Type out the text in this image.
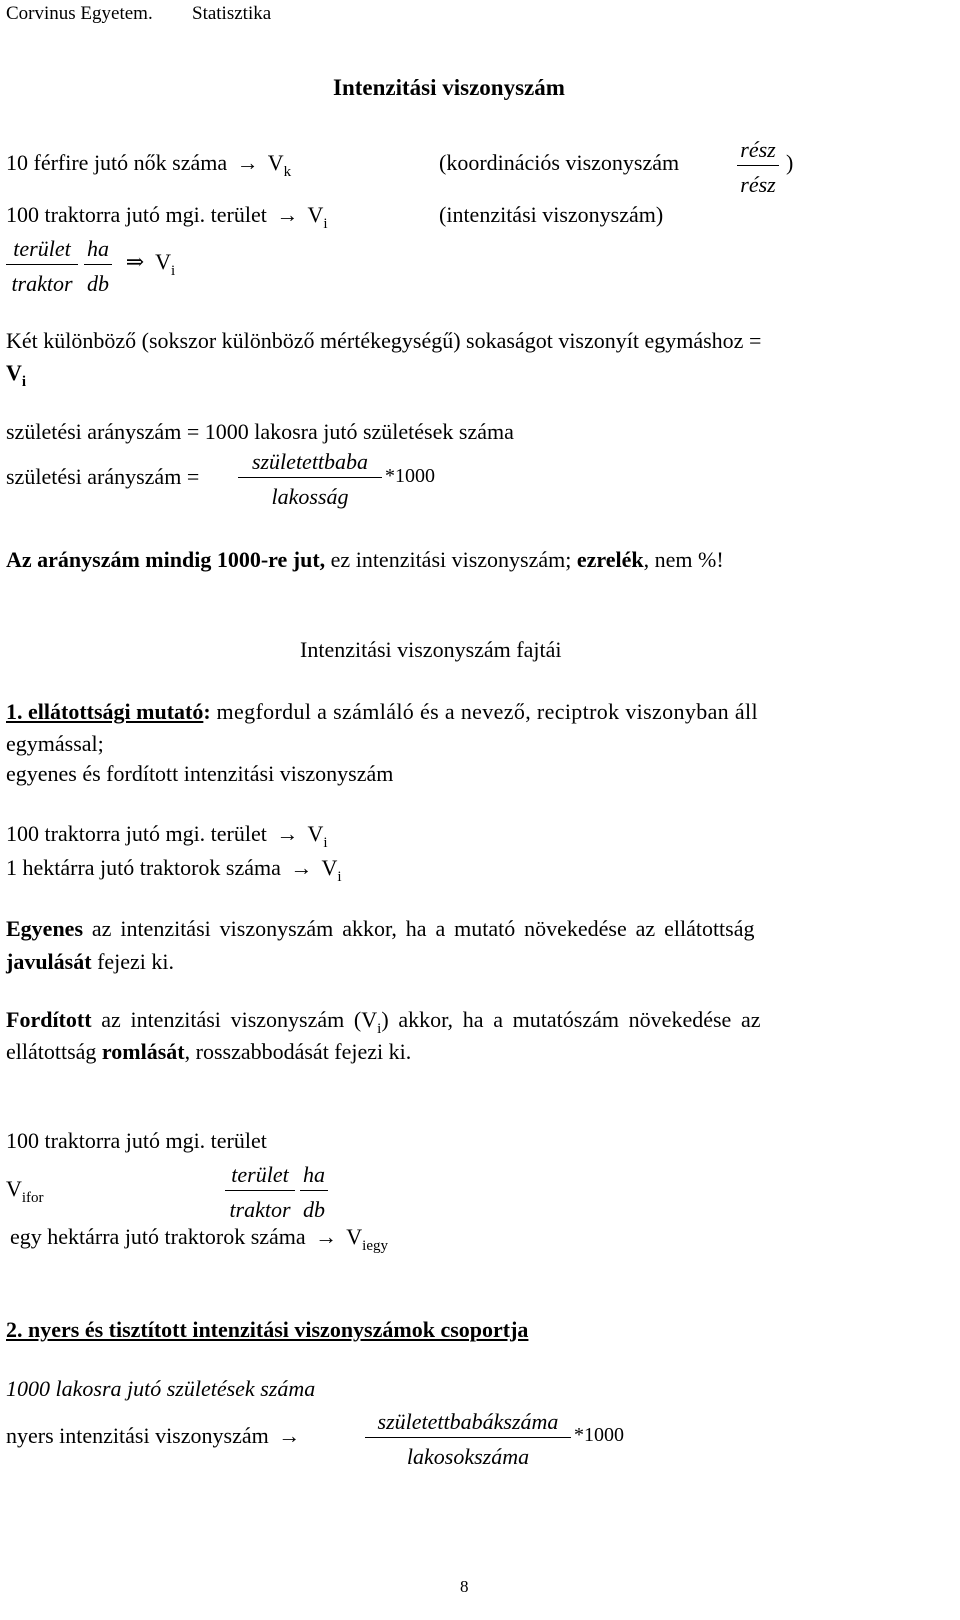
Corvinus Egyetem. Statisztika
Intenzitási viszonyszám
10 férfire jutó nők száma → $V_k$	(koordinációs viszonyszám
rész
rész
)
100 traktorra jutó mgi. terület → $V_i$	(intenzitási viszonyszám)
terület
traktor
ha
db
⇒ $V_i$
Két különböző (sokszor különböző mértékegységű) sokaságot viszonyít egymáshoz =
$V_i$
születési arányszám = 1000 lakosra jutó születések száma
születési arányszám =
születettbaba
lakosság
*1000
Az arányszám mindig 1000-re jut, ez intenzitási viszonyszám; ezrelék, nem %!
Intenzitási viszonyszám fajtái
1. ellátottsági mutató: megfordul a számláló és a nevező, reciptrok viszonyban áll
egymással;
egyenes és fordított intenzitási viszonyszám
100 traktorra jutó mgi. terület → $V_i$
1 hektárra jutó traktorok száma → $V_i$
Egyenes az intenzitási viszonyszám akkor, ha a mutató növekedése az ellátottság
javulását fejezi ki.
Fordított az intenzitási viszonyszám $(V_i)$ akkor, ha a mutatószám növekedése az
ellátottság romlását, rosszabbodását fejezi ki.
100 traktorra jutó mgi. terület
$V_{ifor}$
terület
traktor
ha
db
egy hektárra jutó traktorok száma → $V_{iegy}$
2. nyers és tisztított intenzitási viszonyszámok csoportja
1000 lakosra jutó születések száma
nyers intenzitási viszonyszám →
születettbabákszáma
lakosokszáma
*1000
8
